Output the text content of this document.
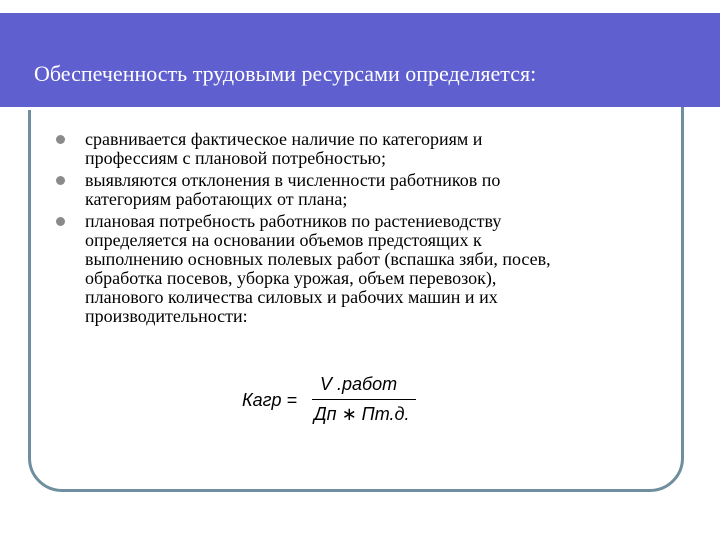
Обеспеченность трудовыми ресурсами определяется:
сравнивается фактическое наличие по категориям и
профессиям с плановой потребностью;
выявляются отклонения в численности работников по
категориям работающих от плана;
плановая потребность работников по растениеводству
определяется на основании объемов предстоящих к
выполнению основных полевых работ (вспашка зяби, посев,
обработка посевов, уборка урожая, объем перевозок),
планового количества силовых и рабочих машин и их
производительности:
Кагр =
V .работ
Дп ∗ Пт.д.
